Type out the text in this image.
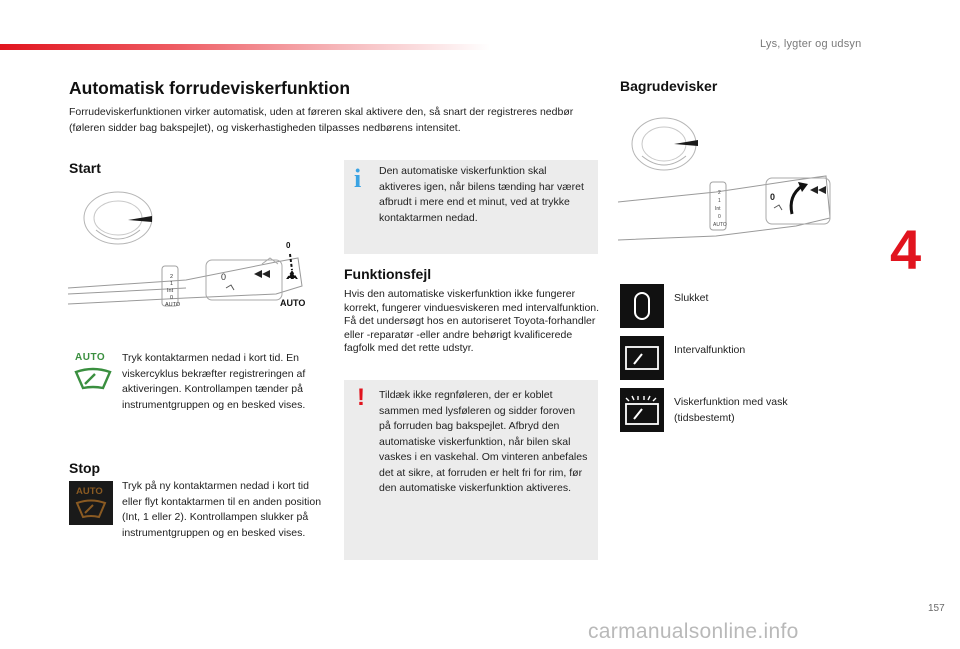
Lys, lygter og udsyn
4
157
carmanualsonline.info
Automatisk forrudeviskerfunktion

Forrudeviskerfunktionen virker automatisk, uden at føreren skal aktivere den, så snart der registreres nedbør (føleren sidder bag bakspejlet), og viskerhastigheden tilpasses nedbørens intensitet.

Start
2
1
Int
0
AUTO
0
0
AUTO
AUTO Tryk kontaktarmen nedad i kort tid. En viskercyklus bekræfter registreringen af aktiveringen. Kontrollampen tænder på instrumentgruppen og en besked vises.

Stop
AUTO Tryk på ny kontaktarmen nedad i kort tid eller flyt kontaktarmen til en anden position (Int, 1 eller 2). Kontrollampen slukker på instrumentgruppen og en besked vises.

i Den automatiske viskerfunktion skal aktiveres igen, når bilens tænding har været afbrudt i mere end et minut, ved at trykke kontaktarmen nedad.

Funktionsfejl

Hvis den automatiske viskerfunktion ikke fungerer korrekt, fungerer vinduesviskeren med intervalfunktion. Få det undersøgt hos en autoriseret Toyota-forhandler eller -reparatør -eller andre behørigt kvalificerede fagfolk med det rette udstyr.

! Tildæk ikke regnføleren, der er koblet sammen med lysføleren og sidder foroven på forruden bag bakspejlet. Afbryd den automatiske viskerfunktion, når bilen skal vaskes i en vaskehal. Om vinteren anbefales det at sikre, at forruden er helt fri for rim, før den automatiske viskerfunktion aktiveres.

Bagrudevisker
2
1
Int
0
AUTO
0
Slukket
Intervalfunktion
Viskerfunktion med vask (tidsbestemt)
